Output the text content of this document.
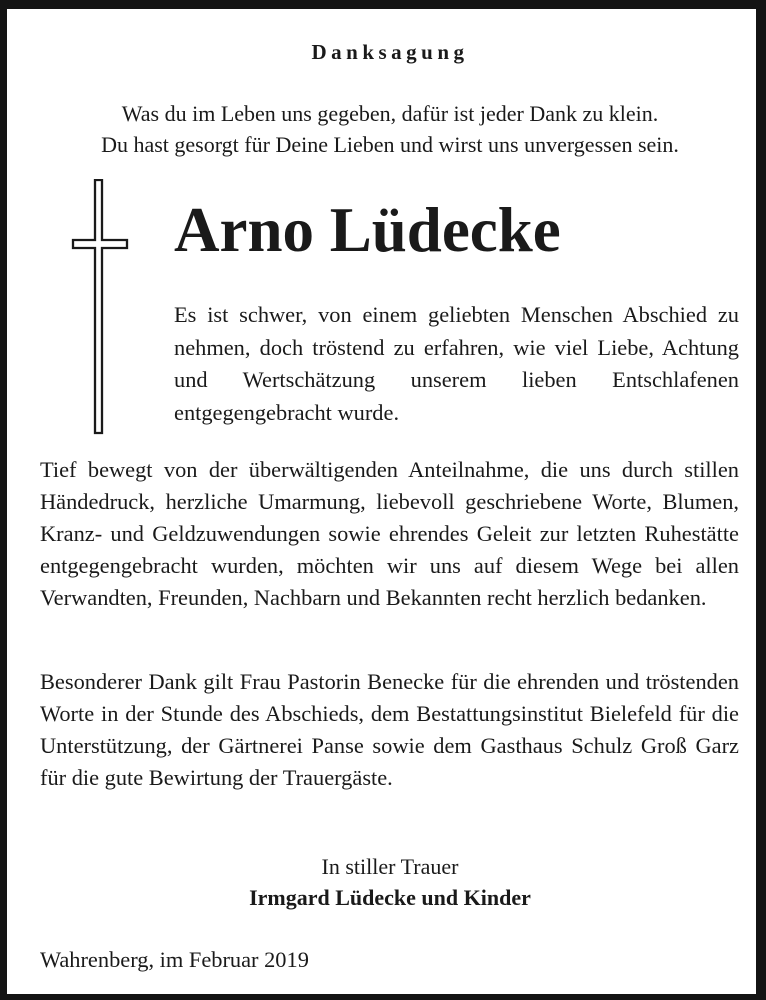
Danksagung
Was du im Leben uns gegeben, dafür ist jeder Dank zu klein.
Du hast gesorgt für Deine Lieben und wirst uns unvergessen sein.
Arno Lüdecke

Es ist schwer, von einem geliebten Menschen Abschied zu nehmen, doch tröstend zu erfahren, wie viel Liebe, Achtung und Wertschätzung unserem lieben Entschlafenen entgegengebracht wurde.

Tief bewegt von der überwältigenden Anteilnahme, die uns durch stillen Händedruck, herzliche Umarmung, liebevoll geschriebene Worte, Blumen, Kranz- und Geldzuwendungen sowie ehrendes Geleit zur letzten Ruhestätte entgegengebracht wurden, möchten wir uns auf diesem Wege bei allen Verwandten, Freunden, Nachbarn und Bekannten recht herzlich bedanken.

Besonderer Dank gilt Frau Pastorin Benecke für die ehrenden und tröstenden Worte in der Stunde des Abschieds, dem Bestattungsinstitut Bielefeld für die Unterstützung, der Gärtnerei Panse sowie dem Gasthaus Schulz Groß Garz für die gute Bewirtung der Trauergäste.

In stiller Trauer
Irmgard Lüdecke und Kinder
Wahrenberg, im Februar 2019
